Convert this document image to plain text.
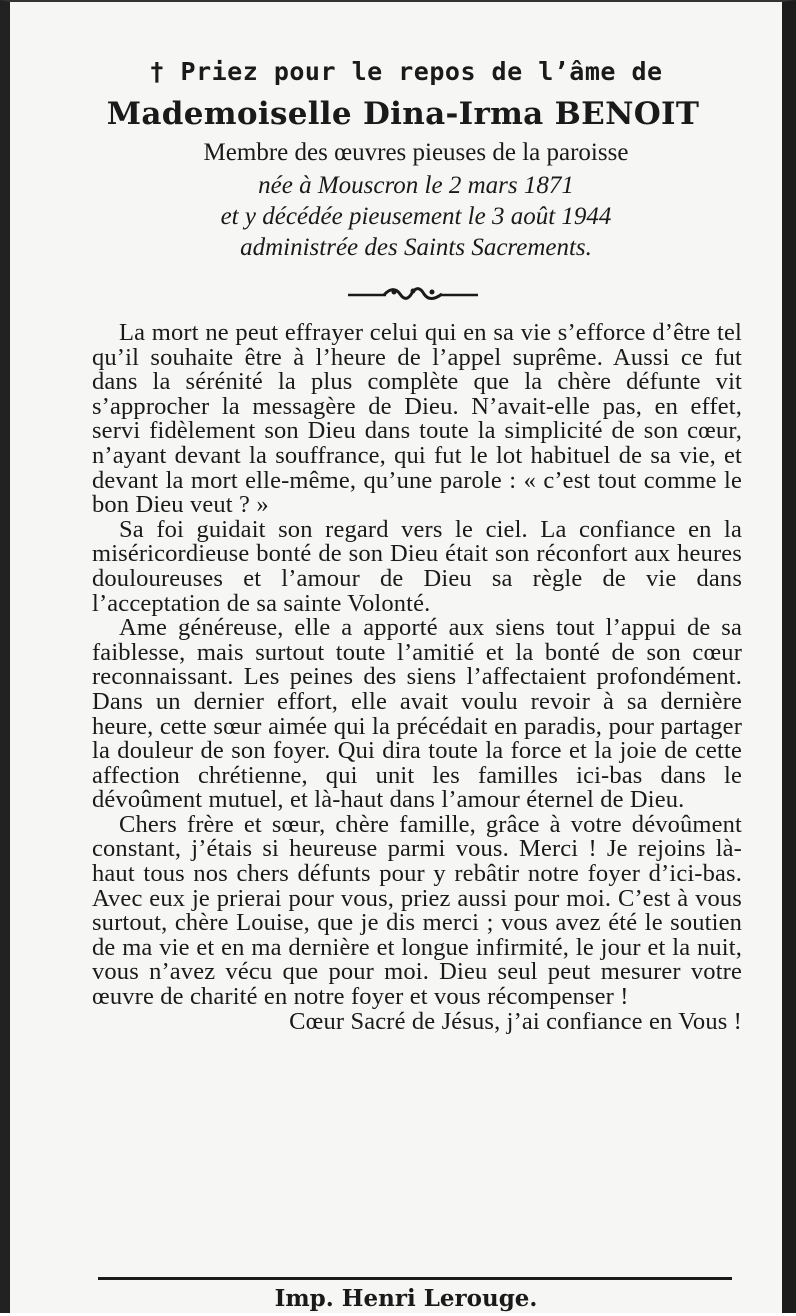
† Priez pour le repos de l’âme de
Mademoiselle Dina-Irma BENOIT
Membre des œuvres pieuses de la paroisse
née à Mouscron le 2 mars 1871
et y décédée pieusement le 3 août 1944
administrée des Saints Sacrements.

La mort ne peut effrayer celui qui en sa vie s’efforce d’être tel qu’il souhaite être à l’heure de l’appel suprême. Aussi ce fut dans la sérénité la plus complète que la chère défunte vit s’approcher la messagère de Dieu. N’avait-elle pas, en effet, servi fidèlement son Dieu dans toute la simplicité de son cœur, n’ayant devant la souffrance, qui fut le lot habituel de sa vie, et devant la mort elle-même, qu’une parole : « c’est tout comme le bon Dieu veut ? »

Sa foi guidait son regard vers le ciel. La confiance en la miséricordieuse bonté de son Dieu était son réconfort aux heures douloureuses et l’amour de Dieu sa règle de vie dans l’acceptation de sa sainte Volonté.

Ame généreuse, elle a apporté aux siens tout l’appui de sa faiblesse, mais surtout toute l’amitié et la bonté de son cœur reconnaissant. Les peines des siens l’affectaient profondément. Dans un dernier effort, elle avait voulu revoir à sa dernière heure, cette sœur aimée qui la précédait en paradis, pour partager la douleur de son foyer. Qui dira toute la force et la joie de cette affection chrétienne, qui unit les familles ici-bas dans le dévoûment mutuel, et là-haut dans l’amour éternel de Dieu.

Chers frère et sœur, chère famille, grâce à votre dévoûment constant, j’étais si heureuse parmi vous. Merci ! Je rejoins là-haut tous nos chers défunts pour y rebâtir notre foyer d’ici-bas. Avec eux je prierai pour vous, priez aussi pour moi. C’est à vous surtout, chère Louise, que je dis merci ; vous avez été le soutien de ma vie et en ma dernière et longue infirmité, le jour et la nuit, vous n’avez vécu que pour moi. Dieu seul peut mesurer votre œuvre de charité en notre foyer et vous récompenser !

Cœur Sacré de Jésus, j’ai confiance en Vous !

Imp. Henri Lerouge.
